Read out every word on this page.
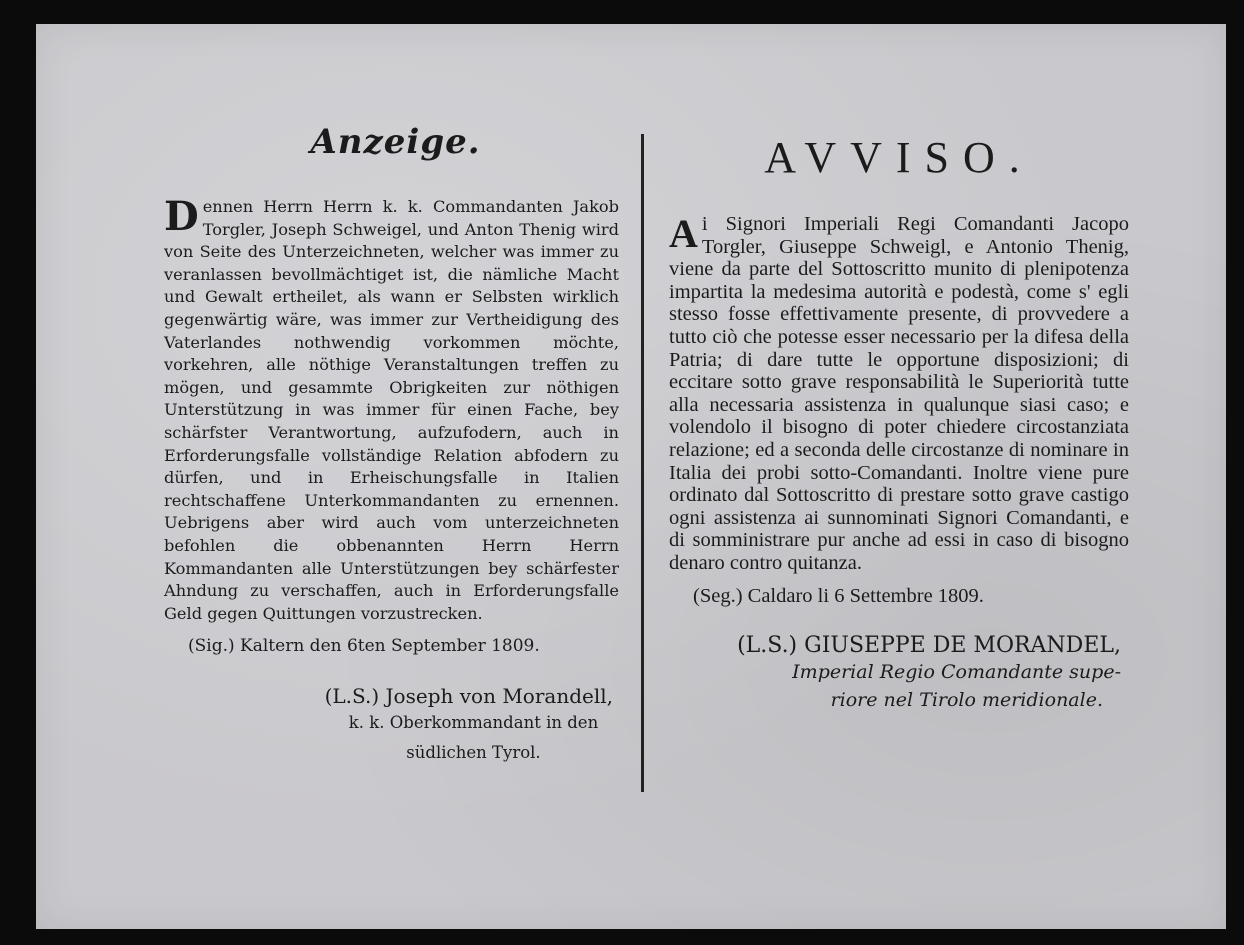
Anzeige.

Dennen Herrn Herrn k. k. Commandanten Jakob Torgler, Joseph Schweigel, und Anton Thenig wird von Seite des Unterzeichneten, welcher was immer zu veranlassen bevollmächtiget ist, die nämliche Macht und Gewalt ertheilet, als wann er Selbsten wirklich gegenwärtig wäre, was immer zur Vertheidigung des Vaterlandes nothwendig vorkommen möchte, vorkehren, alle nöthige Veranstaltungen treffen zu mögen, und gesammte Obrigkeiten zur nöthigen Unterstützung in was immer für einen Fache, bey schärfster Verantwortung, aufzufodern, auch in Erforderungsfalle vollständige Relation abfodern zu dürfen, und in Erheischungsfalle in Italien rechtschaffene Unterkommandanten zu ernennen. Uebrigens aber wird auch vom unterzeichneten befohlen die obbenannten Herrn Herrn Kommandanten alle Unterstützungen bey schärfester Ahndung zu verschaffen, auch in Erforderungsfalle Geld gegen Quittungen vorzustrecken.
(Sig.) Kaltern den 6ten September 1809.

(L.S.) Joseph von Morandell,
k. k. Oberkommandant in den
südlichen Tyrol.
AVVISO.

Ai Signori Imperiali Regi Comandanti Jacopo Torgler, Giuseppe Schweigl, e Antonio Thenig, viene da parte del Sottoscritto munito di plenipotenza impartita la medesima autorità e podestà, come s' egli stesso fosse effettivamente presente, di provvedere a tutto ciò che potesse esser necessario per la difesa della Patria; di dare tutte le opportune disposizioni; di eccitare sotto grave responsabilità le Superiorità tutte alla necessaria assistenza in qualunque siasi caso; e volendolo il bisogno di poter chiedere circostanziata relazione; ed a seconda delle circostanze di nominare in Italia dei probi sotto-Comandanti. Inoltre viene pure ordinato dal Sottoscritto di prestare sotto grave castigo ogni assistenza ai sunnominati Signori Comandanti, e di somministrare pur anche ad essi in caso di bisogno denaro contro quitanza.
(Seg.) Caldaro li 6 Settembre 1809.

(L.S.) GIUSEPPE DE MORANDEL,
Imperial Regio Comandante supe-
riore nel Tirolo meridionale.
